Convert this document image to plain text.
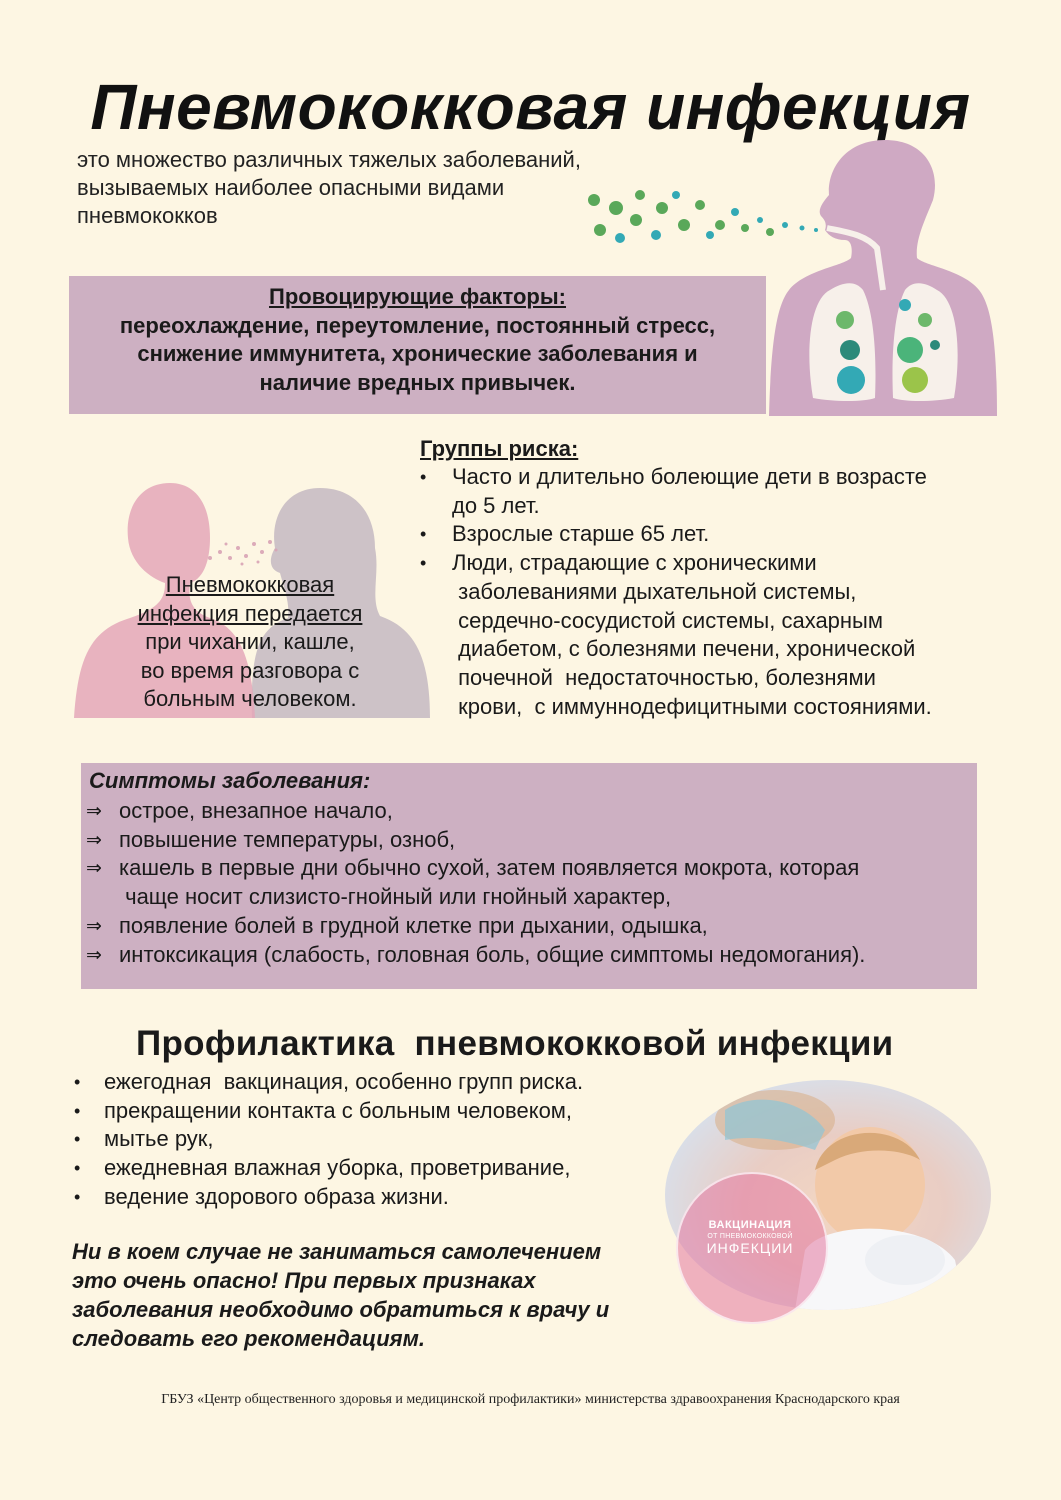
Пневмококковая инфекция
это множество различных тяжелых заболеваний,
вызываемых наиболее опасными видами
пневмококков
Провоцирующие факторы:
переохлаждение, переутомление, постоянный стресс,
снижение иммунитета, хронические заболевания и
наличие вредных привычек.
Пневмококковая
инфекция передается
при чихании, кашле,
во время разговора с
больным человеком.
Группы риска:
• Часто и длительно болеющие дети в возрасте
до 5 лет.
• Взрослые старше 65 лет.
• Люди, страдающие с хроническими
заболеваниями дыхательной системы,
сердечно-сосудистой системы, сахарным
диабетом, с болезнями печени, хронической
почечной  недостаточностью, болезнями
крови,  с иммуннодефицитными состояниями.
Симптомы заболевания:
⇒ острое, внезапное начало,
⇒ повышение температуры, озноб,
⇒ кашель в первые дни обычно сухой, затем появляется мокрота, которая
чаще носит слизисто-гнойный или гнойный характер,
⇒ появление болей в грудной клетке при дыхании, одышка,
⇒ интоксикация (слабость, головная боль, общие симптомы недомогания).
Профилактика  пневмококковой инфекции
• ежегодная  вакцинация, особенно групп риска.
• прекращении контакта с больным человеком,
• мытье рук,
• ежедневная влажная уборка, проветривание,
• ведение здорового образа жизни.
Ни в коем случае не заниматься самолечением
это очень опасно! При первых признаках
заболевания необходимо обратиться к врачу и
следовать его рекомендациям.
ВАКЦИНАЦИЯ
ОТ ПНЕВМОКОККОВОЙ
ИНФЕКЦИИ
ГБУЗ «Центр общественного здоровья и медицинской профилактики» министерства здравоохранения Краснодарского края
